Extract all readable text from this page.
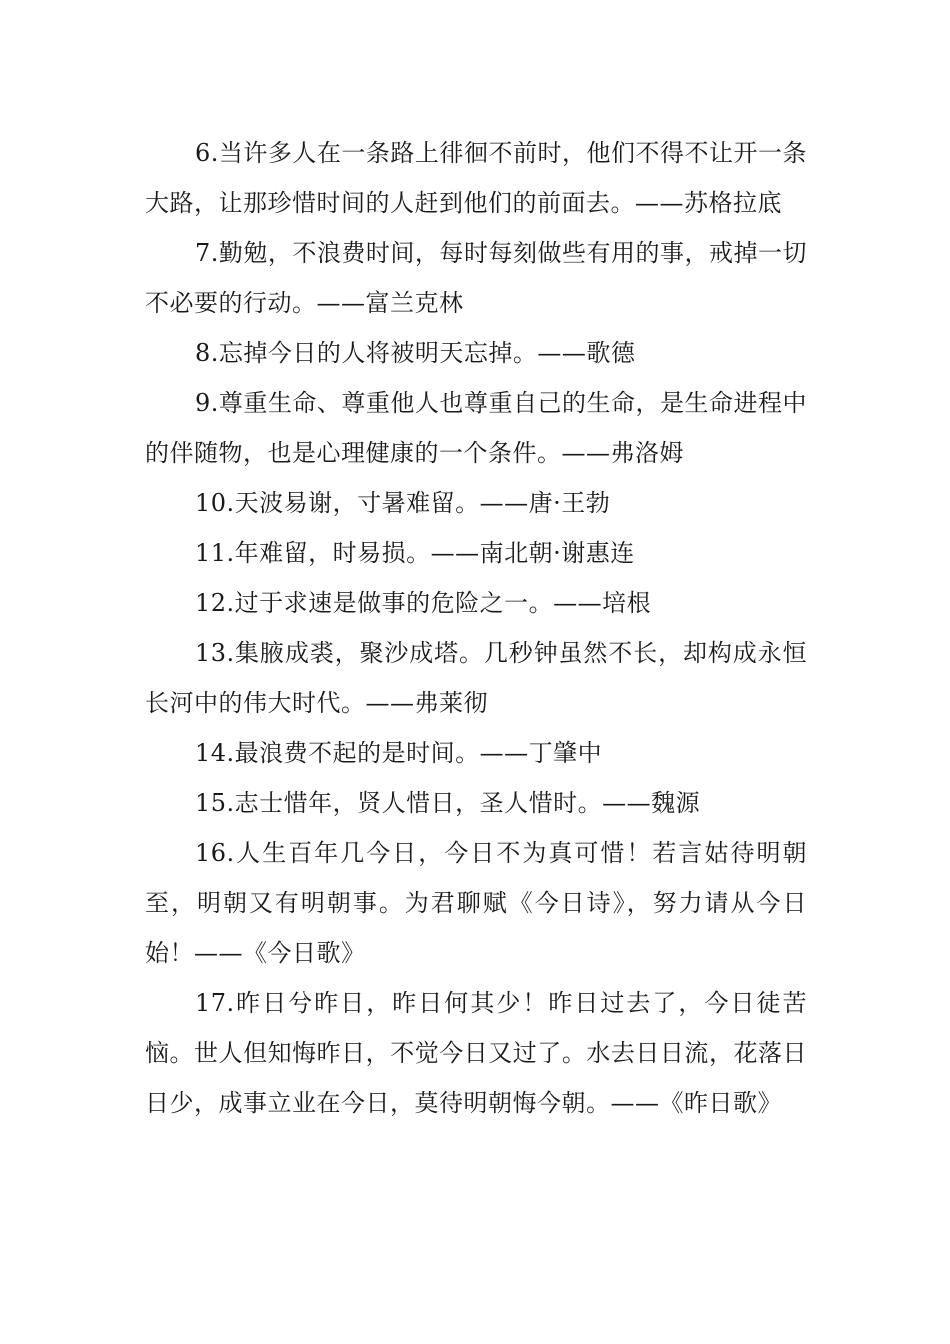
6.当许多人在一条路上徘徊不前时，他们不得不让开一条大路，让那珍惜时间的人赶到他们的前面去。——苏格拉底

7.勤勉，不浪费时间，每时每刻做些有用的事，戒掉一切不必要的行动。——富兰克林

8.忘掉今日的人将被明天忘掉。——歌德

9.尊重生命、尊重他人也尊重自己的生命，是生命进程中的伴随物，也是心理健康的一个条件。——弗洛姆

10.天波易谢，寸暑难留。——唐·王勃

11.年难留，时易损。——南北朝·谢惠连

12.过于求速是做事的危险之一。——培根

13.集腋成裘，聚沙成塔。几秒钟虽然不长，却构成永恒长河中的伟大时代。——弗莱彻

14.最浪费不起的是时间。——丁肇中

15.志士惜年，贤人惜日，圣人惜时。——魏源

16.人生百年几今日，今日不为真可惜！若言姑待明朝至，明朝又有明朝事。为君聊赋《今日诗》，努力请从今日始！——《今日歌》

17.昨日兮昨日，昨日何其少！昨日过去了，今日徒苦恼。世人但知悔昨日，不觉今日又过了。水去日日流，花落日日少，成事立业在今日，莫待明朝悔今朝。——《昨日歌》
